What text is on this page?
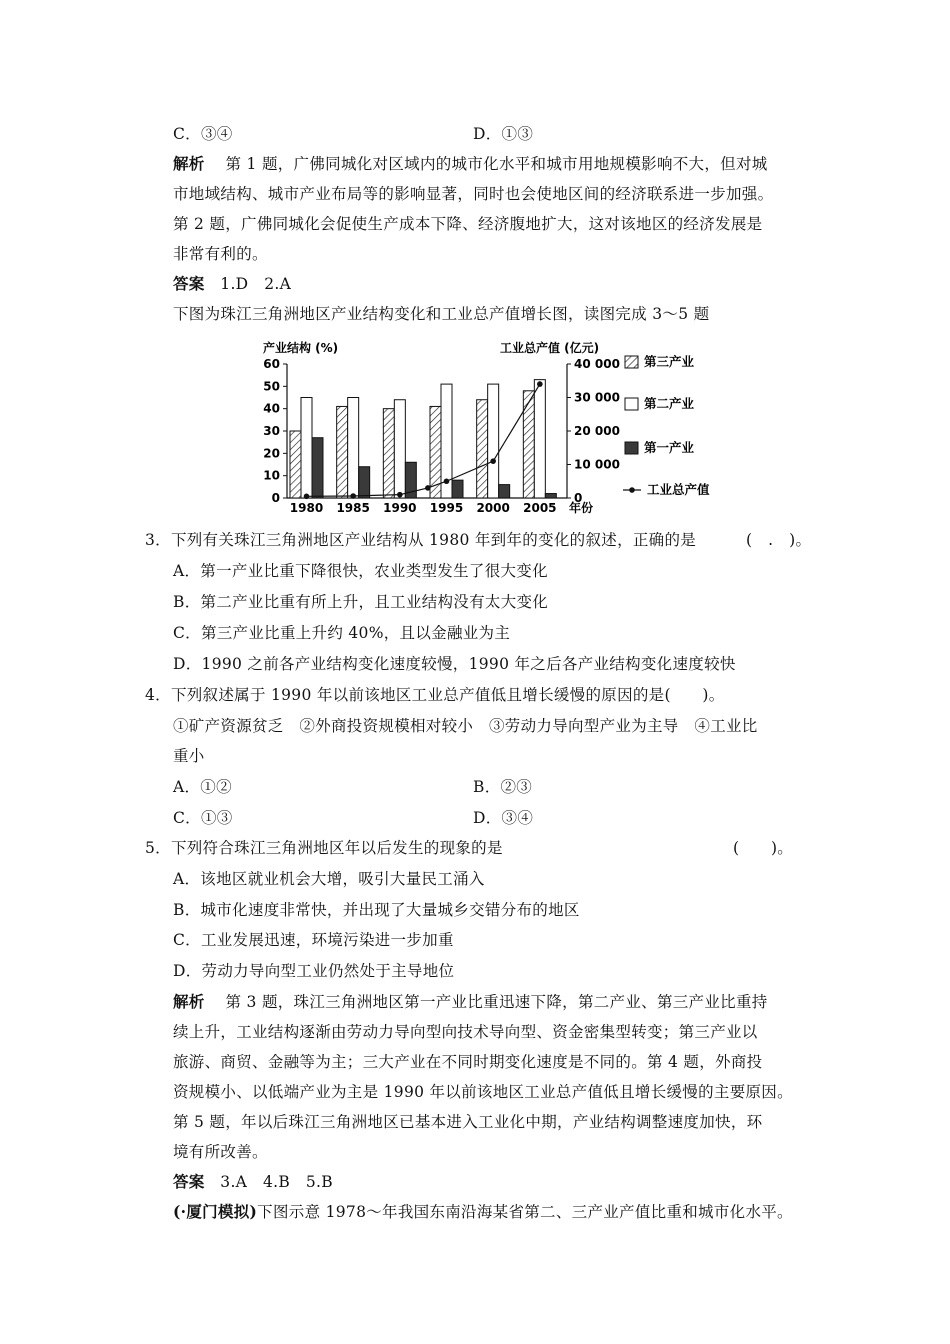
C．③④	D．①③
解析 第 1 题，广佛同城化对区域内的城市化水平和城市用地规模影响不大，但对城
市地域结构、城市产业布局等的影响显著，同时也会使地区间的经济联系进一步加强。
第 2 题，广佛同城化会促使生产成本下降、经济腹地扩大，这对该地区的经济发展是
非常有利的。
答案 1.D　2.A
下图为珠江三角洲地区产业结构变化和工业总产值增长图，读图完成 3～5 题
产业结构 (%)	工业总产值 (亿元)
0
10
20
30
40
50
60
0
10 000
20 000
30 000
40 000
1980 1985 1990 1995 2000 2005 年份
第三产业
第二产业
第一产业
工业总产值
3．下列有关珠江三角洲地区产业结构从 1980 年到年的变化的叙述，正确的是	(　.　)。
A．第一产业比重下降很快，农业类型发生了很大变化
B．第二产业比重有所上升，且工业结构没有太大变化
C．第三产业比重上升约 40%，且以金融业为主
D．1990 之前各产业结构变化速度较慢，1990 年之后各产业结构变化速度较快
4．下列叙述属于 1990 年以前该地区工业总产值低且增长缓慢的原因的是(　　)。
①矿产资源贫乏　②外商投资规模相对较小　③劳动力导向型产业为主导　④工业比
重小
A．①②	B．②③
C．①③	D．③④
5．下列符合珠江三角洲地区年以后发生的现象的是	(　　)。
A．该地区就业机会大增，吸引大量民工涌入
B．城市化速度非常快，并出现了大量城乡交错分布的地区
C．工业发展迅速，环境污染进一步加重
D．劳动力导向型工业仍然处于主导地位
解析 第 3 题，珠江三角洲地区第一产业比重迅速下降，第二产业、第三产业比重持
续上升，工业结构逐渐由劳动力导向型向技术导向型、资金密集型转变；第三产业以
旅游、商贸、金融等为主；三大产业在不同时期变化速度是不同的。第 4 题，外商投
资规模小、以低端产业为主是 1990 年以前该地区工业总产值低且增长缓慢的主要原因。
第 5 题，年以后珠江三角洲地区已基本进入工业化中期，产业结构调整速度加快，环
境有所改善。
答案 3.A　4.B　5.B
(·厦门模拟)下图示意 1978～年我国东南沿海某省第二、三产业产值比重和城市化水平。
